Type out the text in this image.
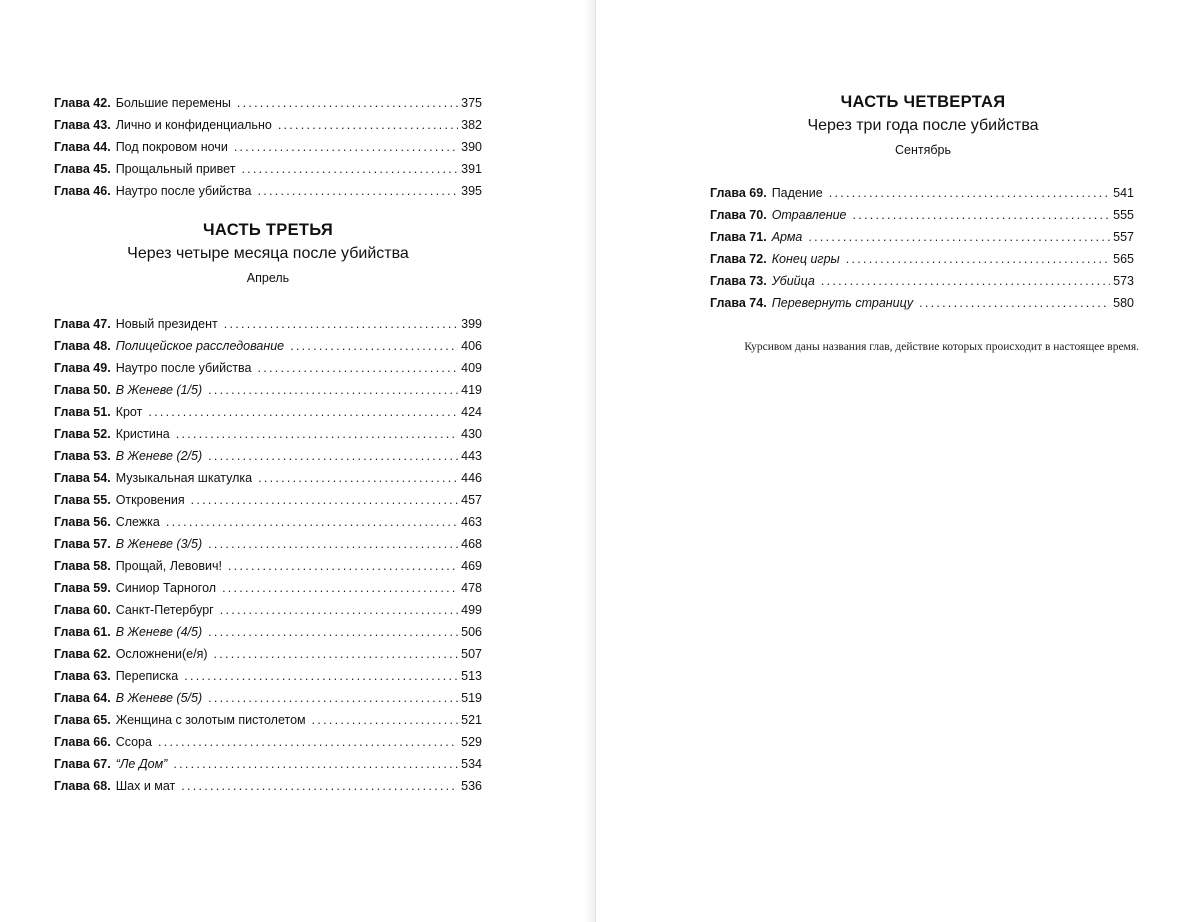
Глава 42. Большие перемены . . .	375
Глава 43. Лично и конфиденциально . . .	382
Глава 44. Под покровом ночи . . .	390
Глава 45. Прощальный привет . . .	391
Глава 46. Наутро после убийства . . .	395
ЧАСТЬ ТРЕТЬЯ
Через четыре месяца после убийства
Апрель
Глава 47. Новый президент . . .	399
Глава 48. Полицейское расследование . . .	406
Глава 49. Наутро после убийства . . .	409
Глава 50. В Женеве (1/5) . . .	419
Глава 51. Крот . . .	424
Глава 52. Кристина . . .	430
Глава 53. В Женеве (2/5) . . .	443
Глава 54. Музыкальная шкатулка . . .	446
Глава 55. Откровения . . .	457
Глава 56. Слежка . . .	463
Глава 57. В Женеве (3/5) . . .	468
Глава 58. Прощай, Левович! . . .	469
Глава 59. Синиор Тарногол . . .	478
Глава 60. Санкт-Петербург . . .	499
Глава 61. В Женеве (4/5) . . .	506
Глава 62. Осложнени(е/я) . . .	507
Глава 63. Переписка . . .	513
Глава 64. В Женеве (5/5) . . .	519
Глава 65. Женщина с золотым пистолетом . . .	521
Глава 66. Ссора . . .	529
Глава 67. “Ле Дом” . . .	534
Глава 68. Шах и мат . . .	536
ЧАСТЬ ЧЕТВЕРТАЯ
Через три года после убийства
Сентябрь
Глава 69. Падение . . .	541
Глава 70. Отравление . . .	555
Глава 71. Арма . . .	557
Глава 72. Конец игры . . .	565
Глава 73. Убийца . . .	573
Глава 74. Перевернуть страницу . . .	580
Курсивом даны названия глав, действие которых происходит в настоящее время.
